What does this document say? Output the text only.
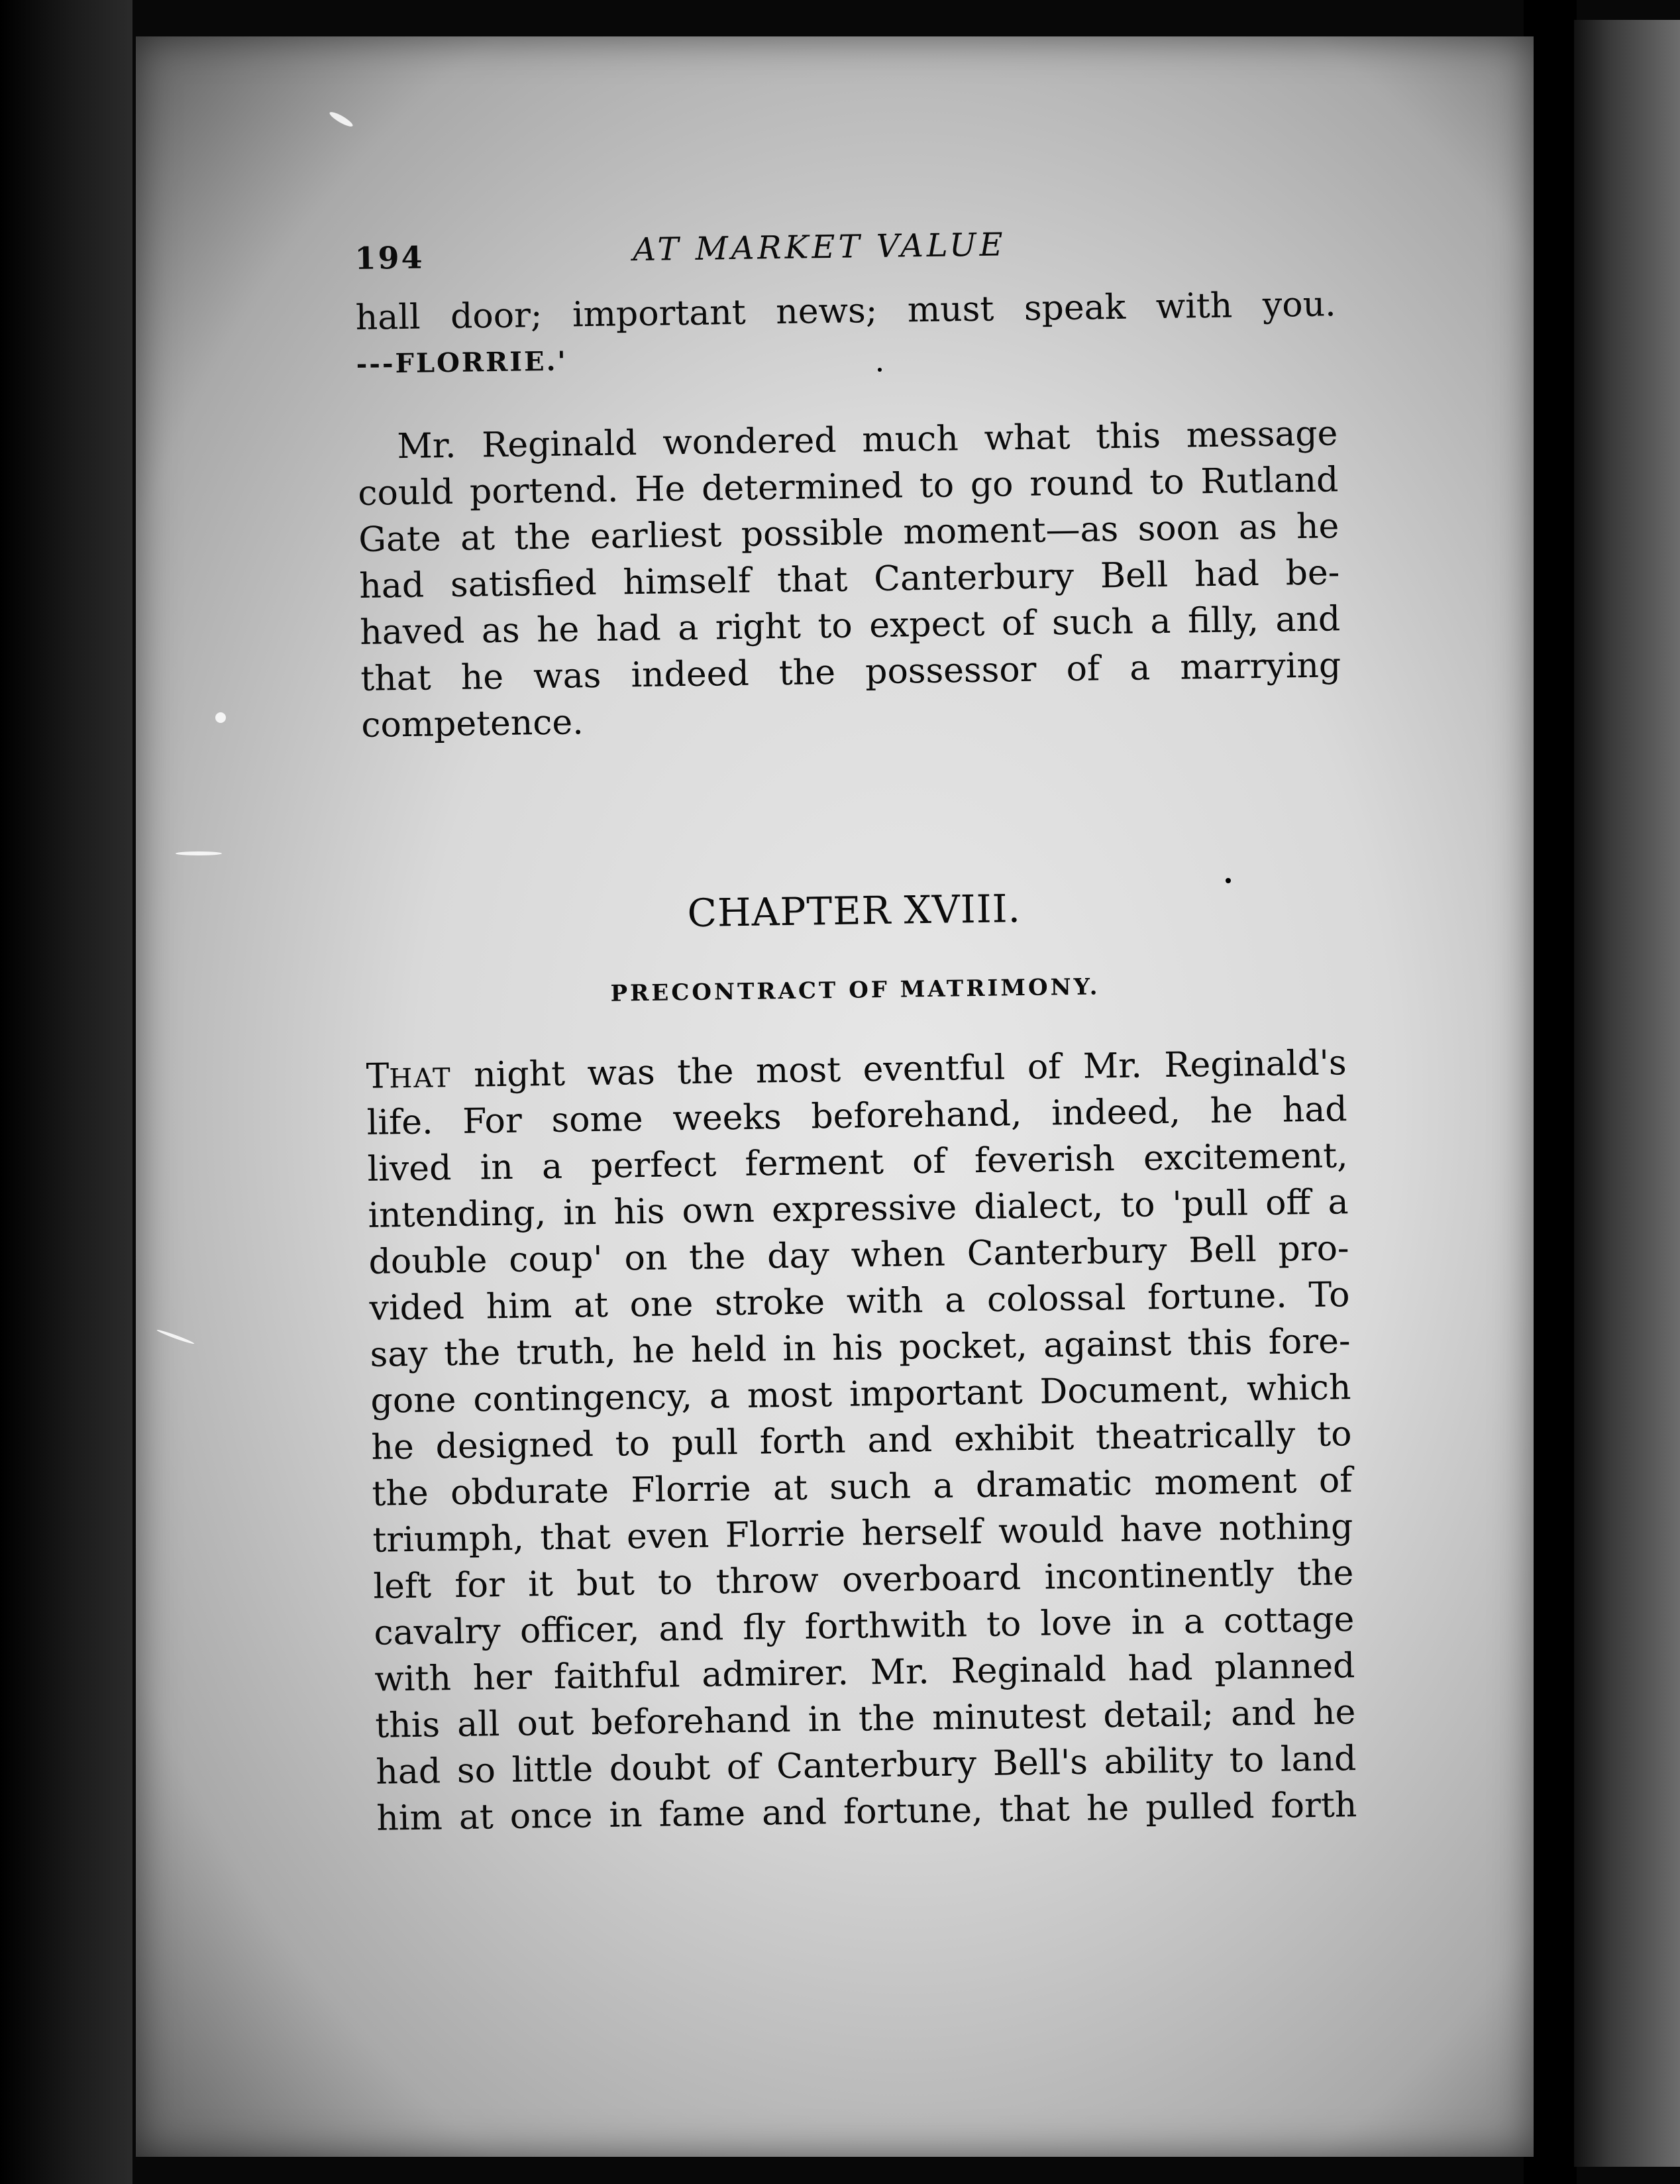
194	AT MARKET VALUE
hall door; important news; must speak with you.
---FLORRIE.'
Mr. Reginald wondered much what this message
could portend. He determined to go round to Rutland
Gate at the earliest possible moment—as soon as he
had satisfied himself that Canterbury Bell had be-
haved as he had a right to expect of such a filly, and
that he was indeed the possessor of a marrying
competence.
CHAPTER XVIII.
PRECONTRACT OF MATRIMONY.
THAT night was the most eventful of Mr. Reginald's
life. For some weeks beforehand, indeed, he had
lived in a perfect ferment of feverish excitement,
intending, in his own expressive dialect, to 'pull off a
double coup' on the day when Canterbury Bell pro-
vided him at one stroke with a colossal fortune. To
say the truth, he held in his pocket, against this fore-
gone contingency, a most important Document, which
he designed to pull forth and exhibit theatrically to
the obdurate Florrie at such a dramatic moment of
triumph, that even Florrie herself would have nothing
left for it but to throw overboard incontinently the
cavalry officer, and fly forthwith to love in a cottage
with her faithful admirer. Mr. Reginald had planned
this all out beforehand in the minutest detail; and he
had so little doubt of Canterbury Bell's ability to land
him at once in fame and fortune, that he pulled forth
